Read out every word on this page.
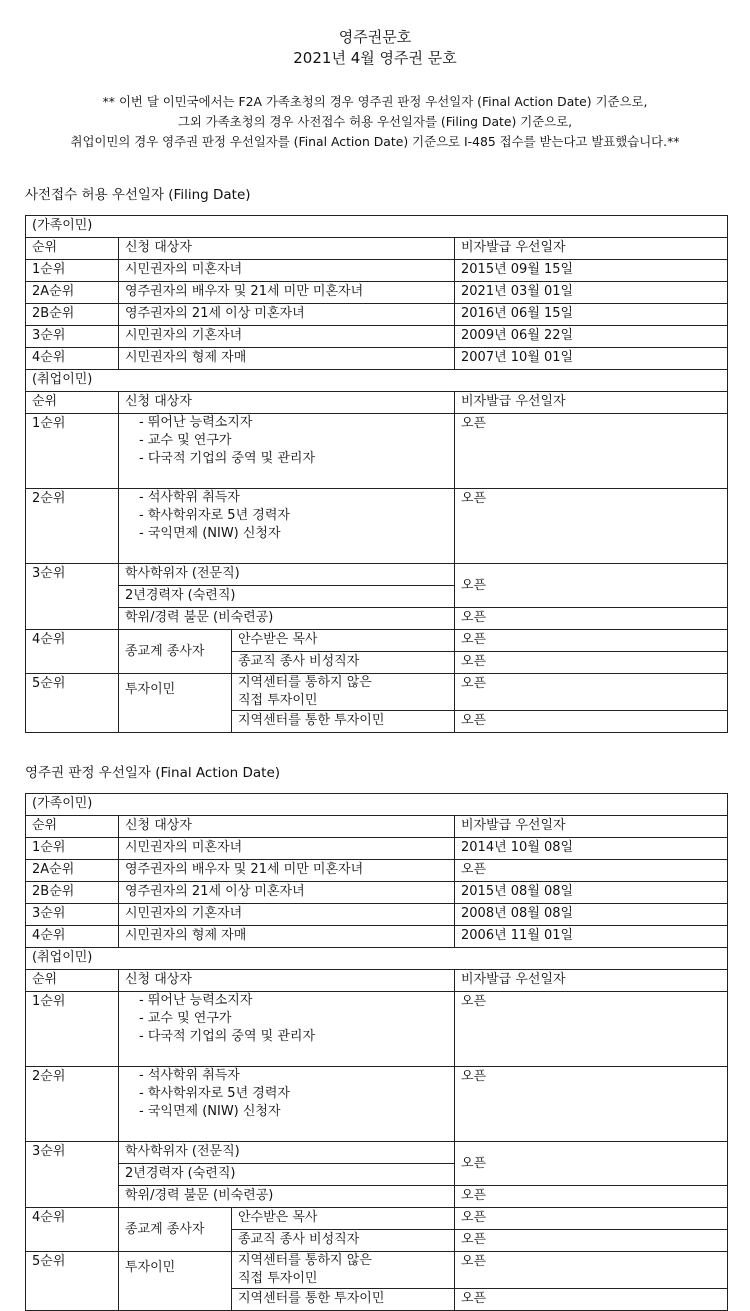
영주권문호
2021년 4월 영주권 문호
** 이번 달 이민국에서는 F2A 가족초청의 경우 영주권 판정 우선일자 (Final Action Date) 기준으로,
그외 가족초청의 경우 사전접수 허용 우선일자를 (Filing Date) 기준으로,
취업이민의 경우 영주권 판정 우선일자를 (Final Action Date) 기준으로 I-485 접수를 받는다고 발표했습니다.**
사전접수 허용 우선일자 (Filing Date)
(가족이민)			
순위	신청 대상자		비자발급 우선일자
1순위	시민권자의 미혼자녀		2015년 09월 15일
2A순위	영주권자의 배우자 및 21세 미만 미혼자녀		2021년 03월 01일
2B순위	영주권자의 21세 이상 미혼자녀		2016년 06월 15일
3순위	시민권자의 기혼자녀		2009년 06월 22일
4순위	시민권자의 형제 자매		2007년 10월 01일
(취업이민)			
순위	신청 대상자		비자발급 우선일자
1순위	- 뛰어난 능력소지자
- 교수 및 연구가
- 다국적 기업의 중역 및 관리자		오픈
2순위	- 석사학위 취득자
- 학사학위자로 5년 경력자
- 국익면제 (NIW) 신청자		오픈
3순위	학사학위자 (전문직)		오픈
	2년경력자 (숙련직)		
	학위/경력 불문 (비숙련공)		오픈
4순위	종교계 종사자	안수받은 목사	오픈
		종교직 종사 비성직자	오픈
5순위	투자이민	지역센터를 통하지 않은
직접 투자이민	오픈
		지역센터를 통한 투자이민	오픈
영주권 판정 우선일자 (Final Action Date)
(가족이민)			
순위	신청 대상자		비자발급 우선일자
1순위	시민권자의 미혼자녀		2014년 10월 08일
2A순위	영주권자의 배우자 및 21세 미만 미혼자녀		오픈
2B순위	영주권자의 21세 이상 미혼자녀		2015년 08월 08일
3순위	시민권자의 기혼자녀		2008년 08월 08일
4순위	시민권자의 형제 자매		2006년 11월 01일
(취업이민)			
순위	신청 대상자		비자발급 우선일자
1순위	- 뛰어난 능력소지자
- 교수 및 연구가
- 다국적 기업의 중역 및 관리자		오픈
2순위	- 석사학위 취득자
- 학사학위자로 5년 경력자
- 국익면제 (NIW) 신청자		오픈
3순위	학사학위자 (전문직)		오픈
	2년경력자 (숙련직)		
	학위/경력 불문 (비숙련공)		오픈
4순위	종교계 종사자	안수받은 목사	오픈
		종교직 종사 비성직자	오픈
5순위	투자이민	지역센터를 통하지 않은
직접 투자이민	오픈
		지역센터를 통한 투자이민	오픈
